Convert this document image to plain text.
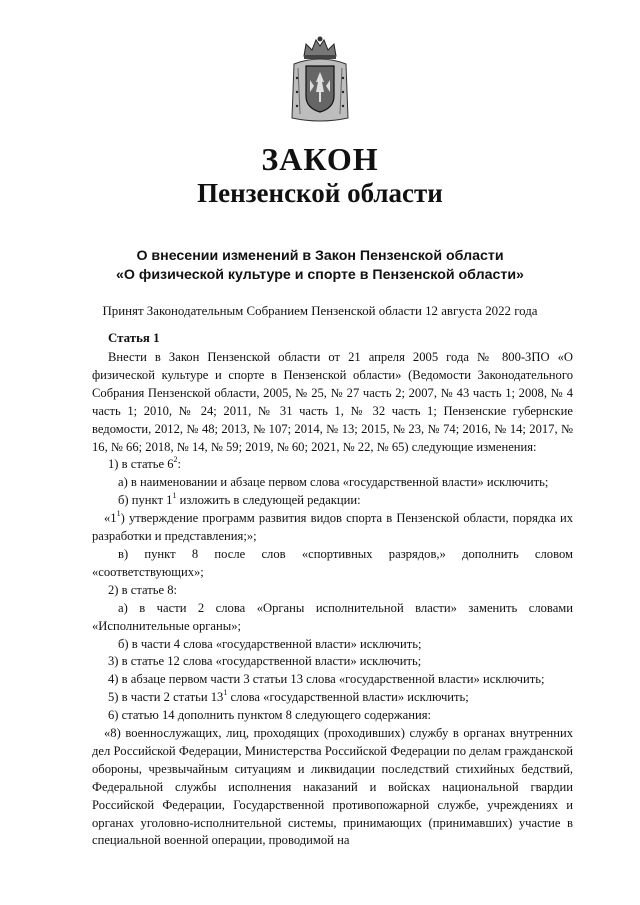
ЗАКОН
Пензенской области
О внесении изменений в Закон Пензенской области
«О физической культуре и спорте в Пензенской области»
Принят Законодательным Собранием Пензенской области 12 августа 2022 года
Статья 1

Внести в Закон Пензенской области от 21 апреля 2005 года № 800-ЗПО «О физической культуре и спорте в Пензенской области» (Ведомости Законодательного Собрания Пензенской области, 2005, № 25, № 27 часть 2; 2007, № 43 часть 1; 2008, № 4 часть 1; 2010, № 24; 2011, № 31 часть 1, № 32 часть 1; Пензенские губернские ведомости, 2012, № 48; 2013, № 107; 2014, № 13; 2015, № 23, № 74; 2016, № 14; 2017, № 16, № 66; 2018, № 14, № 59; 2019, № 60; 2021, № 22, № 65) следующие изменения:

1) в статье $6^2$:

а) в наименовании и абзаце первом слова «государственной власти» исключить;

б) пункт $1^1$ изложить в следующей редакции:

«$1^1$) утверждение программ развития видов спорта в Пензенской области, порядка их разработки и представления;»;

в) пункт 8 после слов «спортивных разрядов,» дополнить словом «соответствующих»;

2) в статье 8:

а) в части 2 слова «Органы исполнительной власти» заменить словами «Исполнительные органы»;

б) в части 4 слова «государственной власти» исключить;

3) в статье 12 слова «государственной власти» исключить;

4) в абзаце первом части 3 статьи 13 слова «государственной власти» исключить;

5) в части 2 статьи $13^1$ слова «государственной власти» исключить;

6) статью 14 дополнить пунктом 8 следующего содержания:

«8) военнослужащих, лиц, проходящих (проходивших) службу в органах внутренних дел Российской Федерации, Министерства Российской Федерации по делам гражданской обороны, чрезвычайным ситуациям и ликвидации последствий стихийных бедствий, Федеральной службы исполнения наказаний и войсках национальной гвардии Российской Федерации, Государственной противопожарной службе, учреждениях и органах уголовно-исполнительной системы, принимающих (принимавших) участие в специальной военной операции, проводимой на
